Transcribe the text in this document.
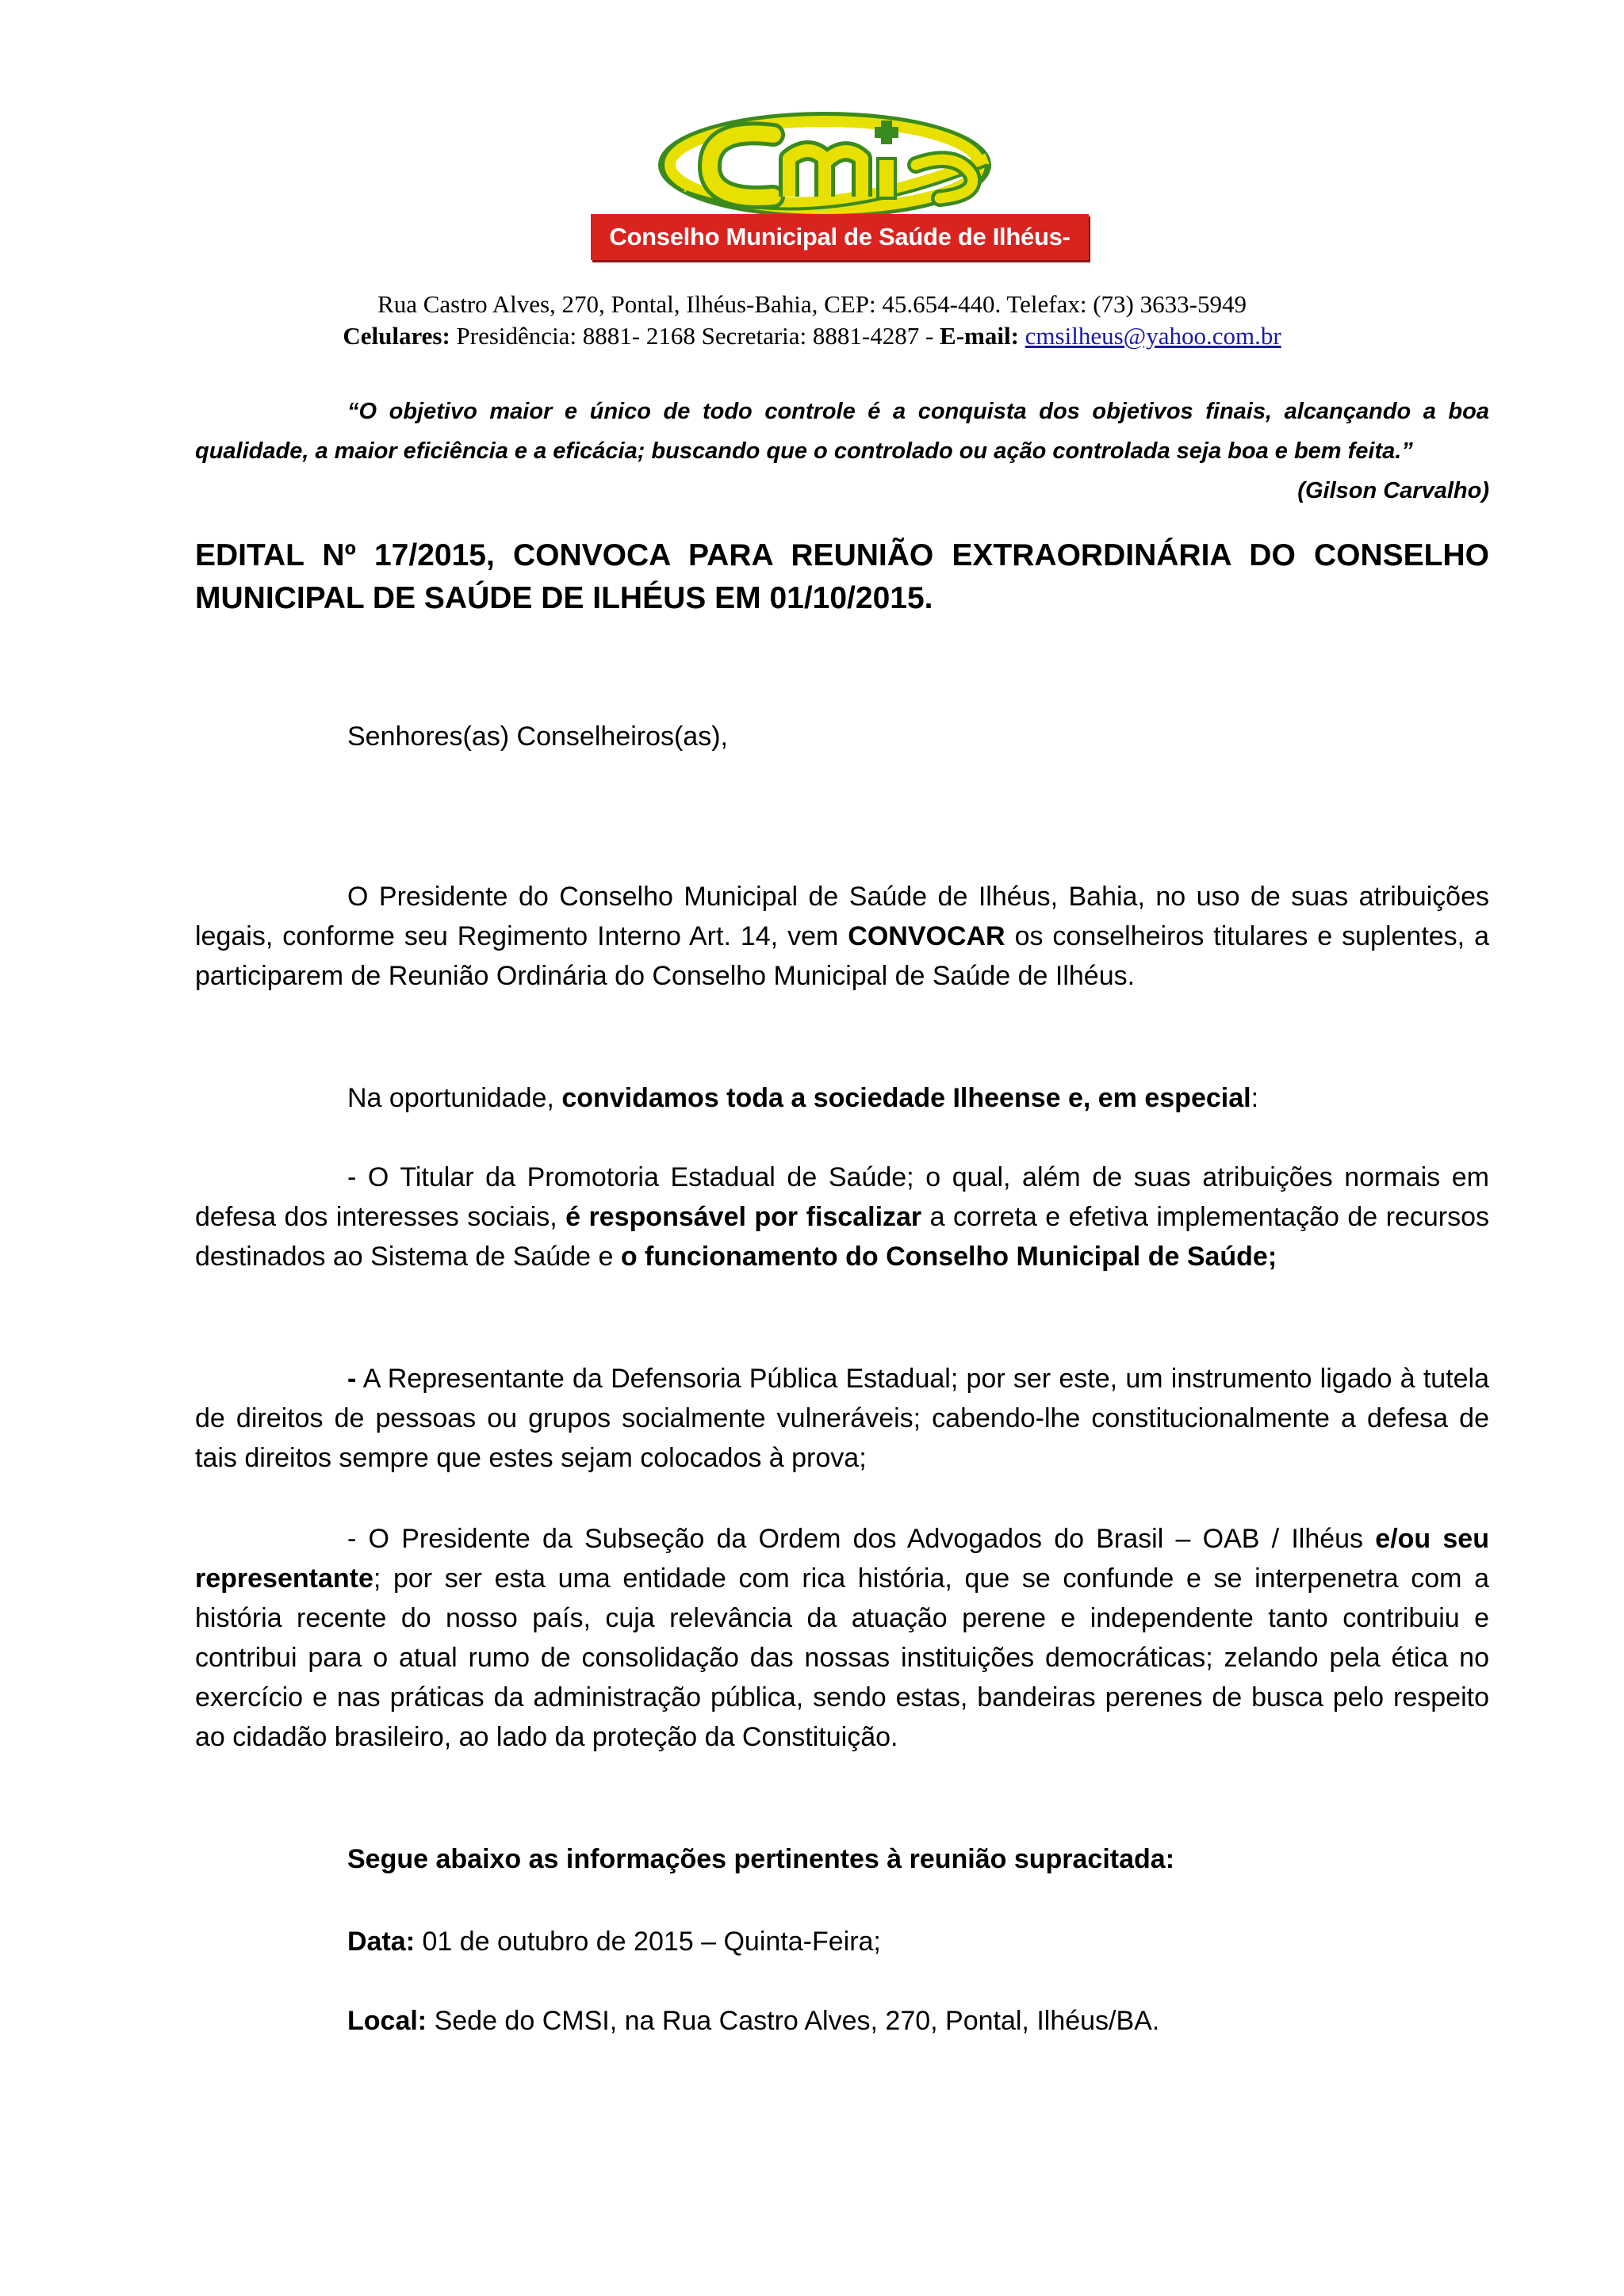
Conselho Municipal de Saúde de Ilhéus-Bahia
Rua Castro Alves, 270, Pontal, Ilhéus-Bahia, CEP: 45.654-440. Telefax: (73) 3633-5949
Celulares: Presidência: 8881- 2168 Secretaria: 8881-4287 - E-mail: cmsilheus@yahoo.com.br
“O objetivo maior e único de todo controle é a conquista dos objetivos finais, alcançando a boa
qualidade, a maior eficiência e a eficácia; buscando que o controlado ou ação controlada seja boa e bem feita.”
(Gilson Carvalho)
EDITAL Nº 17/2015, CONVOCA PARA REUNIÃO EXTRAORDINÁRIA DO CONSELHO MUNICIPAL DE SAÚDE DE ILHÉUS EM 01/10/2015.
Senhores(as) Conselheiros(as),
O Presidente do Conselho Municipal de Saúde de Ilhéus, Bahia, no uso de suas atribuições legais, conforme seu Regimento Interno Art. 14, vem CONVOCAR os conselheiros titulares e suplentes, a participarem de Reunião Ordinária do Conselho Municipal de Saúde de Ilhéus.
Na oportunidade, convidamos toda a sociedade Ilheense e, em especial:
- O Titular da Promotoria Estadual de Saúde; o qual, além de suas atribuições normais em defesa dos interesses sociais, é responsável por fiscalizar a correta e efetiva implementação de recursos destinados ao Sistema de Saúde e o funcionamento do Conselho Municipal de Saúde;
- A Representante da Defensoria Pública Estadual; por ser este, um instrumento ligado à tutela de direitos de pessoas ou grupos socialmente vulneráveis; cabendo-lhe constitucionalmente a defesa de tais direitos sempre que estes sejam colocados à prova;
- O Presidente da Subseção da Ordem dos Advogados do Brasil – OAB / Ilhéus e/ou seu representante; por ser esta uma entidade com rica história, que se confunde e se interpenetra com a história recente do nosso país, cuja relevância da atuação perene e independente tanto contribuiu e contribui para o atual rumo de consolidação das nossas instituições democráticas; zelando pela ética no exercício e nas práticas da administração pública, sendo estas, bandeiras perenes de busca pelo respeito ao cidadão brasileiro, ao lado da proteção da Constituição.
Segue abaixo as informações pertinentes à reunião supracitada:
Data: 01 de outubro de 2015 – Quinta-Feira;
Local: Sede do CMSI, na Rua Castro Alves, 270, Pontal, Ilhéus/BA.
